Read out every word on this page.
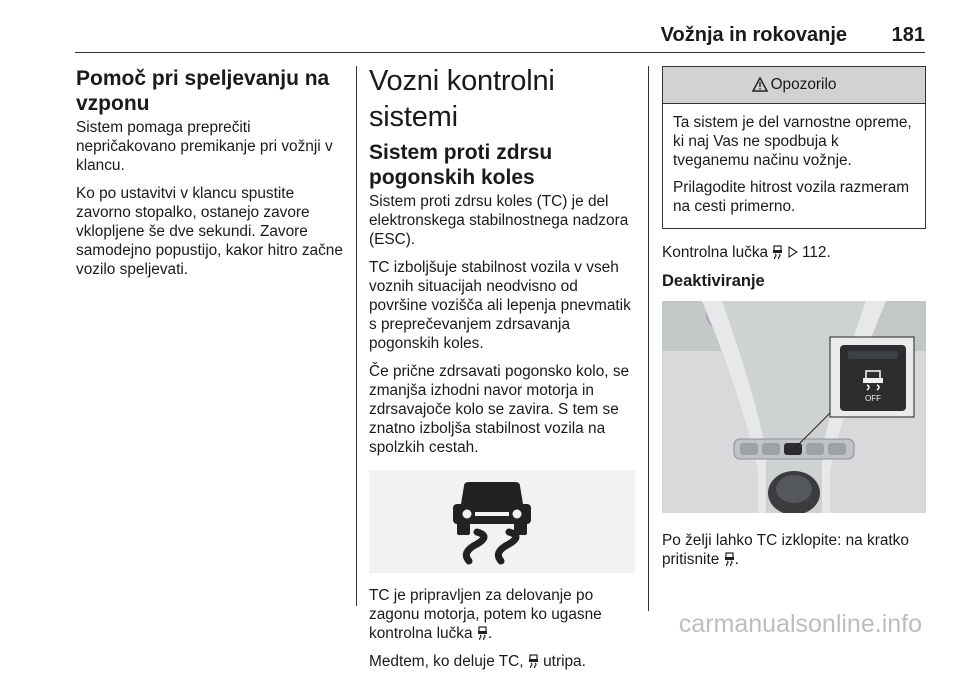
Vožnja in rokovanje 181
Pomoč pri speljevanju na vzponu

Sistem pomaga preprečiti nepričakovano premikanje pri vožnji v klancu.

Ko po ustavitvi v klancu spustite zavorno stopalko, ostanejo zavore vklopljene še dve sekundi. Zavore samodejno popustijo, kakor hitro začne vozilo speljevati.

Vozni kontrolni sistemi
Sistem proti zdrsu pogonskih koles

Sistem proti zdrsu koles (TC) je del elektronskega stabilnostnega nadzora (ESC).

TC izboljšuje stabilnost vozila v vseh voznih situacijah neodvisno od površine vozišča ali lepenja pnevmatik s preprečevanjem zdrsavanja pogonskih koles.

Če prične zdrsavati pogonsko kolo, se zmanjša izhodni navor motorja in zdrsavajoče kolo se zavira. S tem se znatno izboljša stabilnost vozila na spolzkih cestah.

TC je pripravljen za delovanje po zagonu motorja, potem ko ugasne kontrolna lučka .

Medtem, ko deluje TC, utripa.

Opozorilo

Ta sistem je del varnostne opreme, ki naj Vas ne spodbuja k tveganemu načinu vožnje.

Prilagodite hitrost vozila razmeram na cesti primerno.

Kontrolna lučka 112.

Deaktiviranje
OFF

Po želji lahko TC izklopite: na kratko pritisnite .

carmanualsonline.info
